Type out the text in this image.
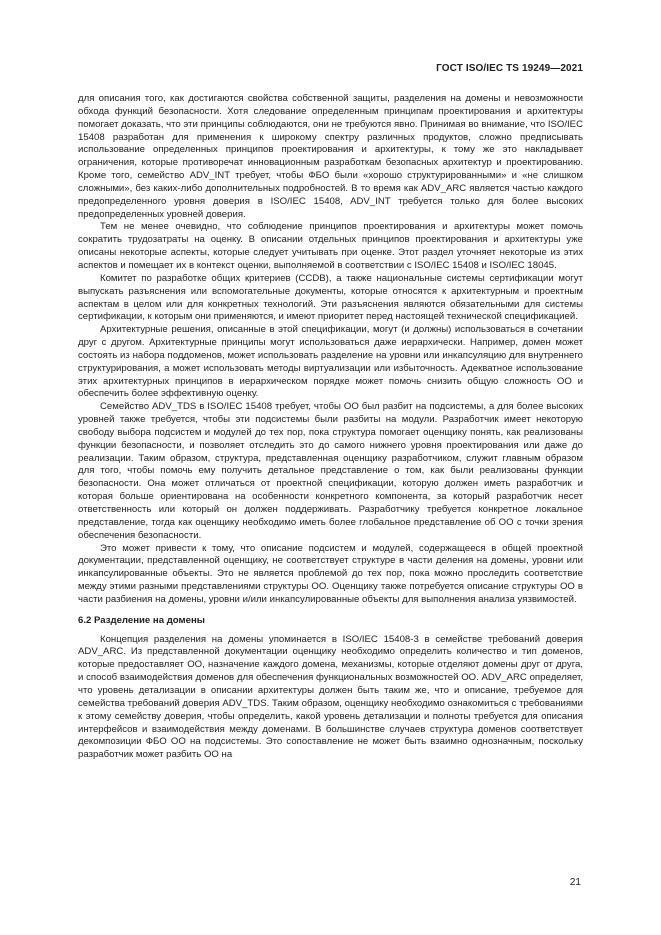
ГОСТ ISO/IEC TS 19249—2021

для описания того, как достигаются свойства собственной защиты, разделения на домены и невозможности обхода функций безопасности. Хотя следование определенным принципам проектирования и архитектуры помогает доказать, что эти принципы соблюдаются, они не требуются явно. Принимая во внимание, что ISO/IEC 15408 разработан для применения к широкому спектру различных продуктов, сложно предписывать использование определенных принципов проектирования и архитектуры, к тому же это накладывает ограничения, которые противоречат инновационным разработкам безопасных архитектур и проектированию. Кроме того, семейство ADV_INT требует, чтобы ФБО были «хорошо структурированными» и «не слишком сложными», без каких-либо дополнительных подробностей. В то время как ADV_ARC является частью каждого предопределенного уровня доверия в ISO/IEC 15408, ADV_INT требуется только для более высоких предопределенных уровней доверия.

Тем не менее очевидно, что соблюдение принципов проектирования и архитектуры может помочь сократить трудозатраты на оценку. В описании отдельных принципов проектирования и архитектуры уже описаны некоторые аспекты, которые следует учитывать при оценке. Этот раздел уточняет некоторые из этих аспектов и помещает их в контекст оценки, выполняемой в соответствии с ISO/IEC 15408 и ISO/IEC 18045.

Комитет по разработке общих критериев (CCDB), а также национальные системы сертификации могут выпускать разъяснения или вспомогательные документы, которые относятся к архитектурным и проектным аспектам в целом или для конкретных технологий. Эти разъяснения являются обязательными для системы сертификации, к которым они применяются, и имеют приоритет перед настоящей технической спецификацией.

Архитектурные решения, описанные в этой спецификации, могут (и должны) использоваться в сочетании друг с другом. Архитектурные принципы могут использоваться даже иерархически. Например, домен может состоять из набора поддоменов, может использовать разделение на уровни или инкапсуляцию для внутреннего структурирования, а может использовать методы виртуализации или избыточность. Адекватное использование этих архитектурных принципов в иерархическом порядке может помочь снизить общую сложность ОО и обеспечить более эффективную оценку.

Семейство ADV_TDS в ISO/IEC 15408 требует, чтобы ОО был разбит на подсистемы, а для более высоких уровней также требуется, чтобы эти подсистемы были разбиты на модули. Разработчик имеет некоторую свободу выбора подсистем и модулей до тех пор, пока структура помогает оценщику понять, как реализованы функции безопасности, и позволяет отследить это до самого нижнего уровня проектирования или даже до реализации. Таким образом, структура, представленная оценщику разработчиком, служит главным образом для того, чтобы помочь ему получить детальное представление о том, как были реализованы функции безопасности. Она может отличаться от проектной спецификации, которую должен иметь разработчик и которая больше ориентирована на особенности конкретного компонента, за который разработчик несет ответственность или который он должен поддерживать. Разработчику требуется конкретное локальное представление, тогда как оценщику необходимо иметь более глобальное представление об ОО с точки зрения обеспечения безопасности.

Это может привести к тому, что описание подсистем и модулей, содержащееся в общей проектной документации, представленной оценщику, не соответствует структуре в части деления на домены, уровни или инкапсулированные объекты. Это не является проблемой до тех пор, пока можно проследить соответствие между этими разными представлениями структуры ОО. Оценщику также потребуется описание структуры ОО в части разбиения на домены, уровни и/или инкапсулированные объекты для выполнения анализа уязвимостей.

6.2 Разделение на домены

Концепция разделения на домены упоминается в ISO/IEC 15408-3 в семействе требований доверия ADV_ARC. Из представленной документации оценщику необходимо определить количество и тип доменов, которые предоставляет ОО, назначение каждого домена, механизмы, которые отделяют домены друг от друга, и способ взаимодействия доменов для обеспечения функциональных возможностей ОО. ADV_ARC определяет, что уровень детализации в описании архитектуры должен быть таким же, что и описание, требуемое для семейства требований доверия ADV_TDS. Таким образом, оценщику необходимо ознакомиться с требованиями к этому семейству доверия, чтобы определить, какой уровень детализации и полноты требуется для описания интерфейсов и взаимодействия между доменами. В большинстве случаев структура доменов соответствует декомпозиции ФБО ОО на подсистемы. Это сопоставление не может быть взаимно однозначным, поскольку разработчик может разбить ОО на

21
